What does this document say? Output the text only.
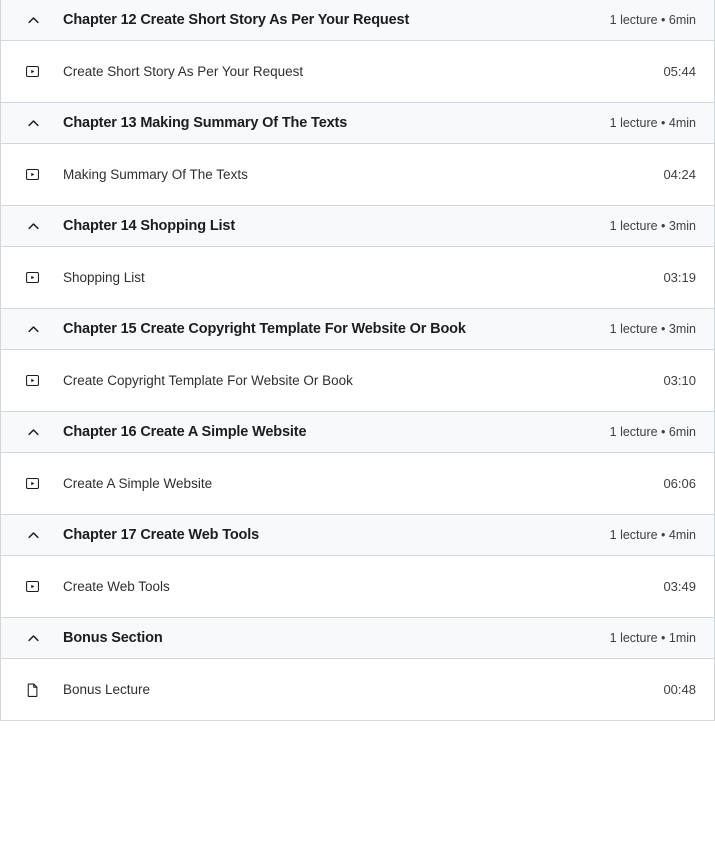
Chapter 12 Create Short Story As Per Your Request	1 lecture • 6min
Create Short Story As Per Your Request	05:44
Chapter 13 Making Summary Of The Texts	1 lecture • 4min
Making Summary Of The Texts	04:24
Chapter 14 Shopping List	1 lecture • 3min
Shopping List	03:19
Chapter 15 Create Copyright Template For Website Or Book	1 lecture • 3min
Create Copyright Template For Website Or Book	03:10
Chapter 16 Create A Simple Website	1 lecture • 6min
Create A Simple Website	06:06
Chapter 17 Create Web Tools	1 lecture • 4min
Create Web Tools	03:49
Bonus Section	1 lecture • 1min
Bonus Lecture	00:48
